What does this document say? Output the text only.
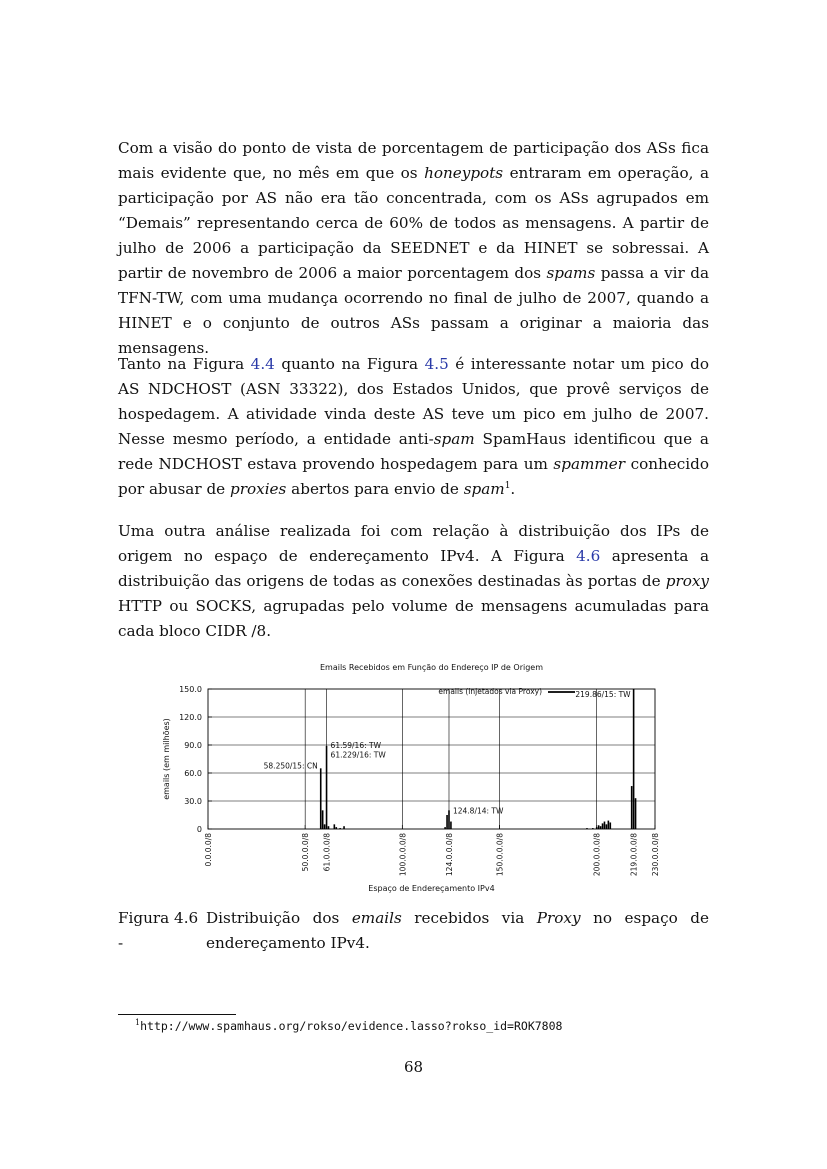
Com a visão do ponto de vista de porcentagem de participação dos ASs fica mais evidente que, no mês em que os honeypots entraram em operação, a participação por AS não era tão concentrada, com os ASs agrupados em “Demais” representando cerca de 60% de todos as mensagens. A partir de julho de 2006 a participação da SEEDNET e da HINET se sobressai. A partir de novembro de 2006 a maior porcentagem dos spams passa a vir da TFN-TW, com uma mudança ocorrendo no final de julho de 2007, quando a HINET e o conjunto de outros ASs passam a originar a maioria das mensagens.

Tanto na Figura 4.4 quanto na Figura 4.5 é interessante notar um pico do AS NDCHOST (ASN 33322), dos Estados Unidos, que provê serviços de hospedagem. A atividade vinda deste AS teve um pico em julho de 2007. Nesse mesmo período, a entidade anti-spam SpamHaus identificou que a rede NDCHOST estava provendo hospedagem para um spammer conhecido por abusar de proxies abertos para envio de spam$^1$.

Uma outra análise realizada foi com relação à distribuição dos IPs de origem no espaço de endereçamento IPv4. A Figura 4.6 apresenta a distribuição das origens de todas as conexões destinadas às portas de proxy HTTP ou SOCKS, agrupadas pelo volume de mensagens acumuladas para cada bloco CIDR /8.

0
30.0
60.0
90.0
120.0
150.0
0.0.0.0/8	50.0.0.0/8 61.0.0.0/8	100.0.0.0/8	124.0.0.0/8	150.0.0.0/8	200.0.0.0/8	219.0.0.0/8 230.0.0.0/8
58.250/15: CN
61.59/16: TW
61.229/16: TW
124.8/14: TW
219.86/15: TW
emails (injetados via Proxy)
Emails Recebidos em Função do Endereço IP de Origem
Espaço de Endereçamento IPv4
emails (em milhões)
Figura 4.6 -
Distribuição dos emails recebidos via Proxy no espaço de endereçamento IPv4.
$^1$http://www.spamhaus.org/rokso/evidence.lasso?rokso_id=ROK7808
68
